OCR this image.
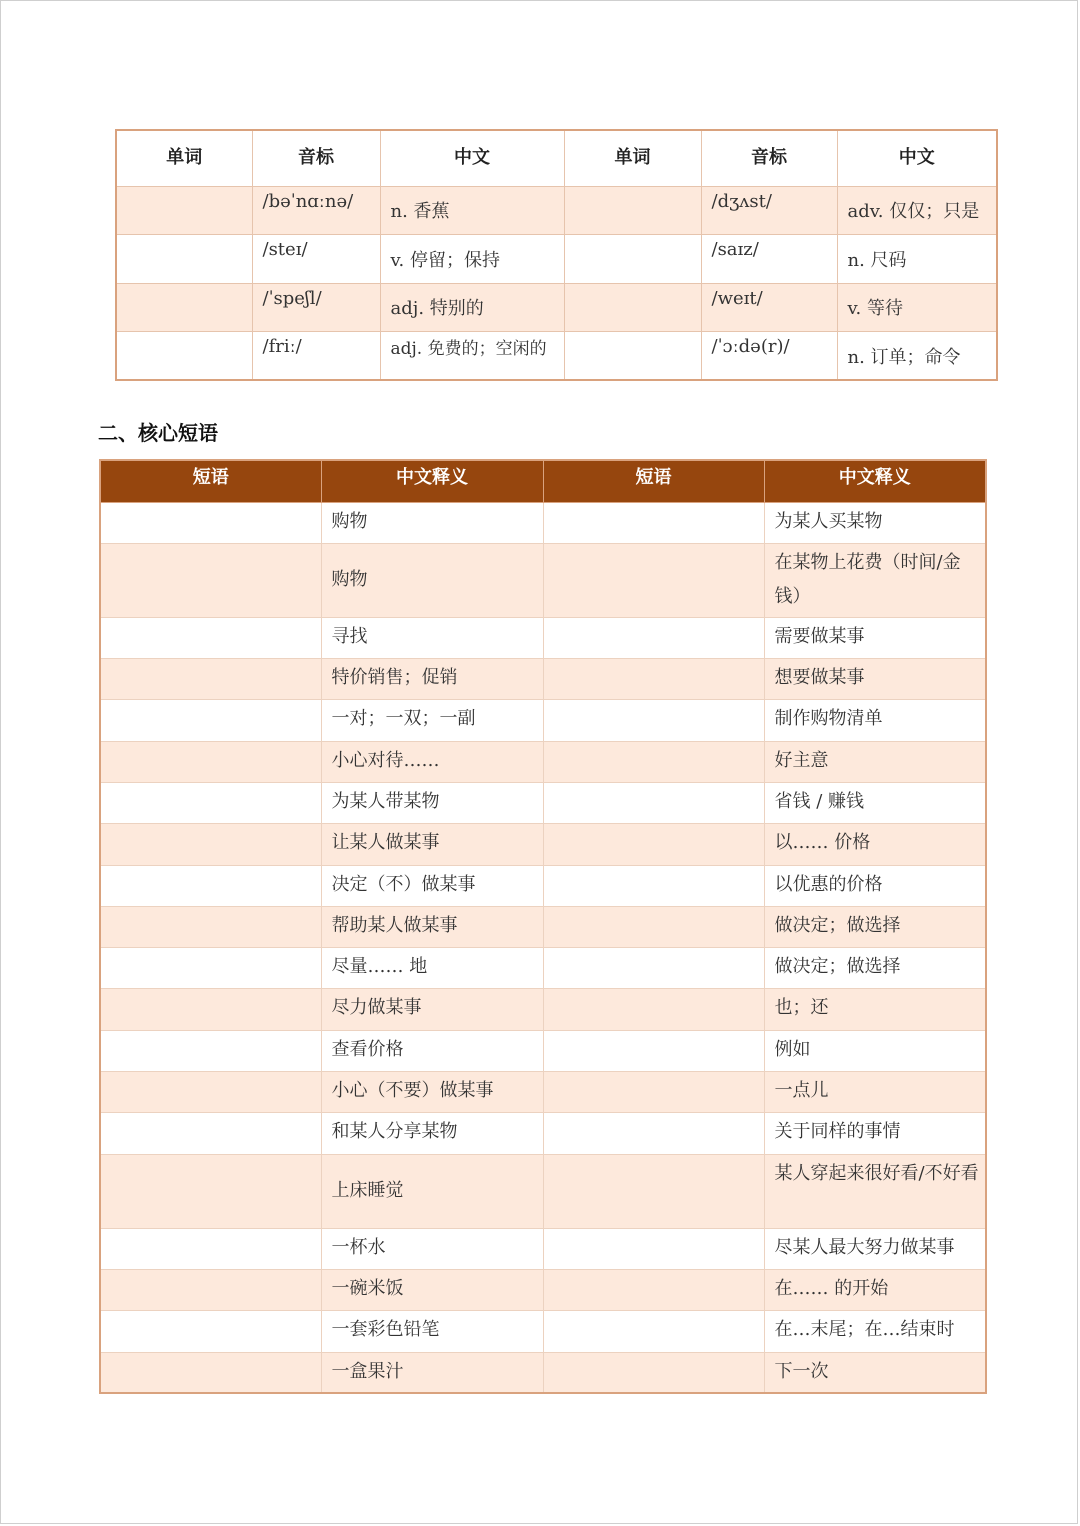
单词	音标	中文	单词	音标	中文
	/bəˈnɑːnə/	n. 香蕉		/dʒʌst/	adv. 仅仅；只是
	/steɪ/	v. 停留；保持		/saɪz/	n. 尺码
	/ˈspeʃl/	adj. 特别的		/weɪt/	v. 等待
	/friː/	adj. 免费的；空闲的		/ˈɔːdə(r)/	n. 订单；命令
二、核心短语
短语	中文释义	短语	中文释义
	购物		为某人买某物
	购物		在某物上花费（时间/金钱）
	寻找		需要做某事
	特价销售；促销		想要做某事
	一对；一双；一副		制作购物清单
	小心对待……		好主意
	为某人带某物		省钱 / 赚钱
	让某人做某事		以…… 价格
	决定（不）做某事		以优惠的价格
	帮助某人做某事		做决定；做选择
	尽量…… 地		做决定；做选择
	尽力做某事		也；还
	查看价格		例如
	小心（不要）做某事		一点儿
	和某人分享某物		关于同样的事情
	上床睡觉		某人穿起来很好看/不好看
	一杯水		尽某人最大努力做某事
	一碗米饭		在…… 的开始
	一套彩色铅笔		在…末尾；在…结束时
	一盒果汁		下一次
